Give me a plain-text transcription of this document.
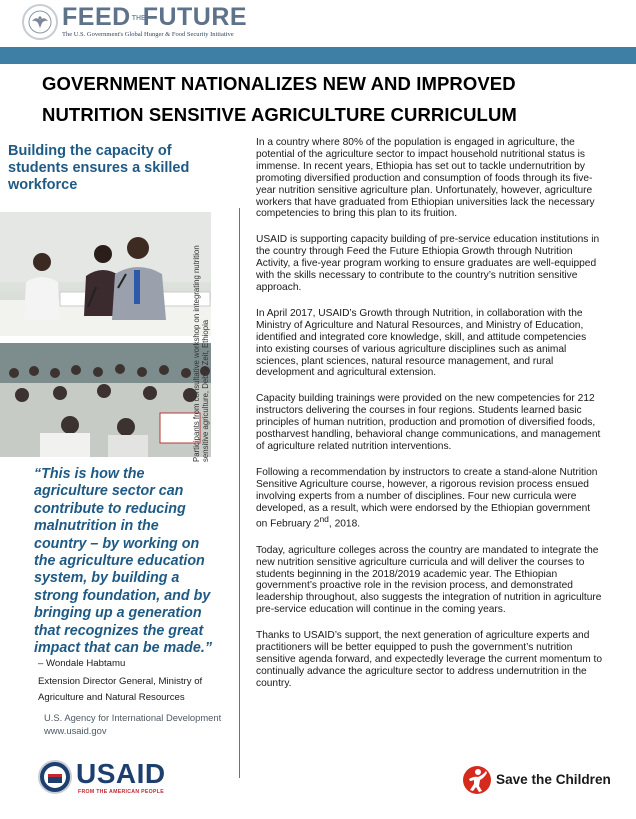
FEEDTHEFUTURE
The U.S. Government's Global Hunger & Food Security Initiative
GOVERNMENT NATIONALIZES NEW AND IMPROVED
NUTRITION SENSITIVE AGRICULTURE CURRICULUM
Building the capacity of students ensures a skilled workforce
Participants from consultative workshop on integrating nutrition sensitive agriculture, Debre Zeit, Ethiopia

“This is how the agriculture sector can contribute to reducing malnutrition in the country – by working on the agriculture education system, by building a strong foundation, and by bringing up a generation that recognizes the great impact that can be made.”

– Wondale Habtamu
Extension Director General, Ministry of Agriculture and Natural Resources
U.S. Agency for International Development
www.usaid.gov
USAID
FROM THE AMERICAN PEOPLE

In a country where 80% of the population is engaged in agriculture, the potential of the agriculture sector to impact household nutritional status is immense. In recent years, Ethiopia has set out to tackle undernutrition by promoting diversified production and consumption of foods through its five-year nutrition sensitive agriculture plan. Unfortunately, however, agriculture workers that have graduated from Ethiopian universities lack the necessary competencies to bring this plan to its fruition.

USAID is supporting capacity building of pre-service education institutions in the country through Feed the Future Ethiopia Growth through Nutrition Activity, a five-year program working to ensure graduates are well-equipped with the skills necessary to contribute to the country’s nutrition sensitive approach.

In April 2017, USAID’s Growth through Nutrition, in collaboration with the Ministry of Agriculture and Natural Resources, and Ministry of Education, identified and integrated core knowledge, skill, and attitude competencies into existing courses of various agriculture disciplines such as animal sciences, plant sciences, natural resource management, and rural development and agricultural extension.

Capacity building trainings were provided on the new competencies for 212 instructors delivering the courses in four regions. Students learned basic principles of human nutrition, production and promotion of diversified foods, postharvest handling, behavioral change communications, and management of agriculture related nutrition interventions.

Following a recommendation by instructors to create a stand-alone Nutrition Sensitive Agriculture course, however, a rigorous revision process ensued involving experts from a number of disciplines. Four new curricula were developed, as a result, which were endorsed by the Ethiopian government on February 2nd, 2018.

Today, agriculture colleges across the country are mandated to integrate the new nutrition sensitive agriculture curricula and will deliver the courses to students beginning in the 2018/2019 academic year. The Ethiopian government’s proactive role in the revision process, and demonstrated leadership throughout, also suggests the integration of nutrition in agriculture pre-service education will continue in the coming years.

Thanks to USAID’s support, the next generation of agriculture experts and practitioners will be better equipped to push the government’s nutrition sensitive agenda forward, and expectedly leverage the current momentum to continually advance the agriculture sector to address undernutrition in the country.

Save the Children
